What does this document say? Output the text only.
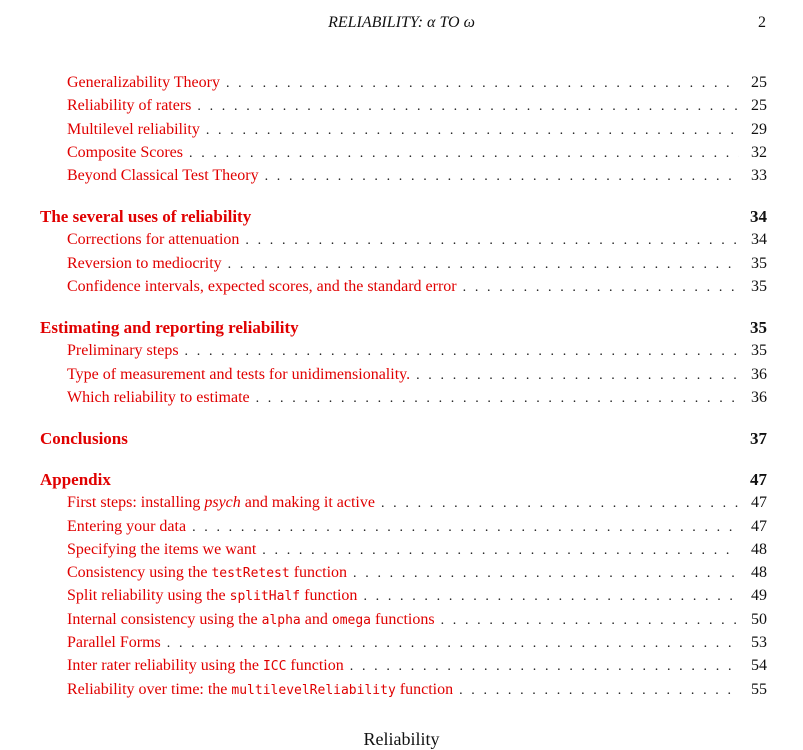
RELIABILITY: α TO ω	2
Generalizability Theory . . .	25
Reliability of raters . . .	25
Multilevel reliability . . .	29
Composite Scores . . .	32
Beyond Classical Test Theory . . .	33
The several uses of reliability	34
Corrections for attenuation . . .	34
Reversion to mediocrity . . .	35
Confidence intervals, expected scores, and the standard error . . .	35
Estimating and reporting reliability	35
Preliminary steps . . .	35
Type of measurement and tests for unidimensionality. . . .	36
Which reliability to estimate . . .	36
Conclusions	37
Appendix	47
First steps: installing psych and making it active . . .	47
Entering your data . . .	47
Specifying the items we want . . .	48
Consistency using the testRetest function . . .	48
Split reliability using the splitHalf function . . .	49
Internal consistency using the alpha and omega functions . . .	50
Parallel Forms . . .	53
Inter rater reliability using the ICC function . . .	54
Reliability over time: the multilevelReliability function . . .	55
Reliability
